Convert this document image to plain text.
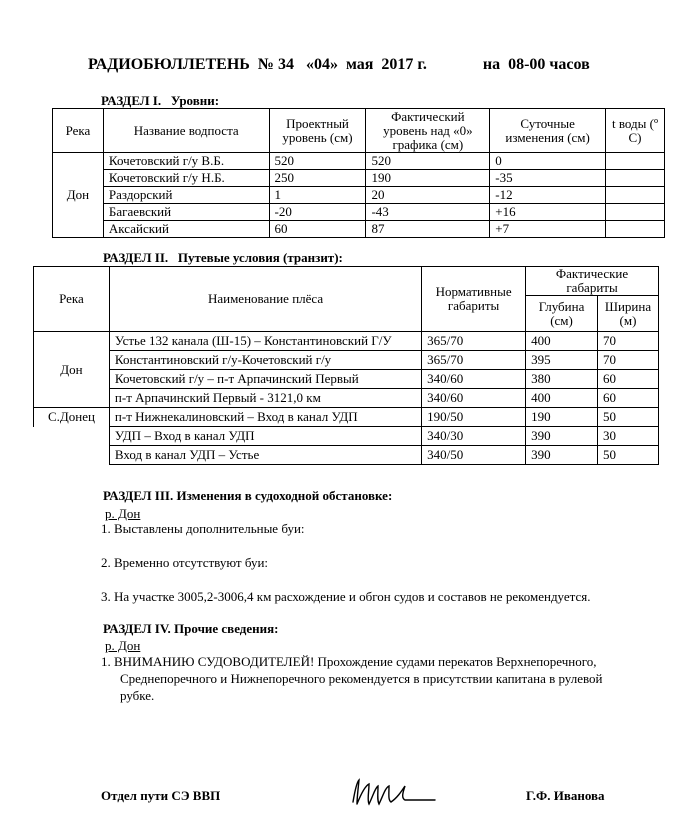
РАДИОБЮЛЛЕТЕНЬ  № 34   «04»  мая  2017 г.              на  08-00 часов
РАЗДЕЛ I.   Уровни:
Река	Название водпоста	Проектный уровень (см)	Фактический уровень над «0» графика (см)	Суточные изменения (см)	t воды (º С)
Дон	Кочетовский г/у В.Б.	520	520	0	
	Кочетовский г/у Н.Б.	250	190	-35	
	Раздорский	1	20	-12	
	Багаевский	-20	-43	+16	
	Аксайский	60	87	+7	
РАЗДЕЛ II.   Путевые условия (транзит):
Река	Наименование плёса	Нормативные габариты	Фактические габариты	
			Глубина (см)	Ширина (м)
Дон	Устье 132 канала (Ш-15) – Константиновский Г/У	365/70	400	70
	Константиновский г/у-Кочетовский г/у	365/70	395	70
	Кочетовский г/у – п-т Арпачинский Первый	340/60	380	60
	п-т Арпачинский Первый - 3121,0 км	340/60	400	60
С.Донец	п-т Нижнекалиновский – Вход в канал УДП	190/50	190	50
	УДП – Вход в канал УДП	340/30	390	30
	Вход в канал УДП – Устье	340/50	390	50
РАЗДЕЛ III. Изменения в судоходной обстановке:
р. Дон
1. Выставлены дополнительные буи:
2. Временно отсутствуют буи:
3. На участке 3005,2-3006,4 км расхождение и обгон судов и составов не рекомендуется.
РАЗДЕЛ IV. Прочие сведения:
р. Дон
1. ВНИМАНИЮ СУДОВОДИТЕЛЕЙ! Прохождение судами перекатов Верхнепоречного,
Среднепоречного и Нижнепоречного рекомендуется в присутствии капитана в рулевой
рубке.
Отдел пути СЭ ВВП	Г.Ф. Иванова
